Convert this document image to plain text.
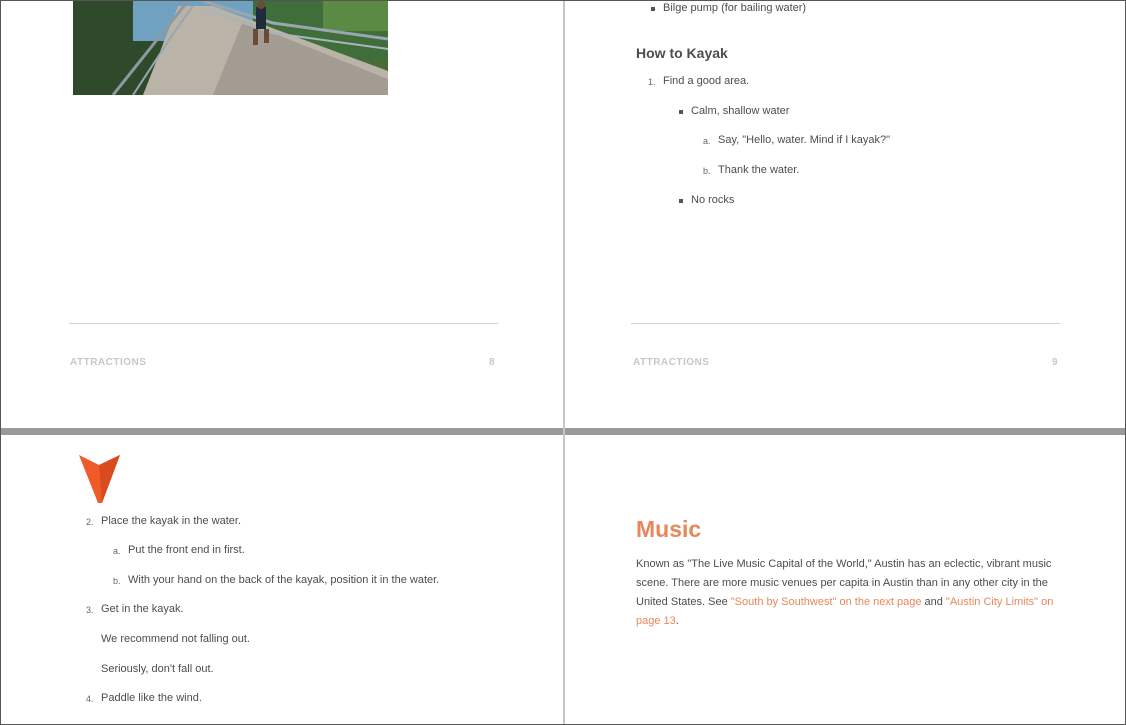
ATTRACTIONS	8
Bilge pump (for bailing water)
How to Kayak
1. Find a good area.
Calm, shallow water
a. Say, "Hello, water. Mind if I kayak?"
b. Thank the water.
No rocks
ATTRACTIONS	9
2. Place the kayak in the water.
a. Put the front end in first.
b. With your hand on the back of the kayak, position it in the water.
3. Get in the kayak.
We recommend not falling out.
Seriously, don't fall out.
4. Paddle like the wind.
Music
Known as "The Live Music Capital of the World," Austin has an eclectic, vibrant music scene. There are more music venues per capita in Austin than in any other city in the United States. See "South by Southwest" on the next page and "Austin City Limits" on page 13.
